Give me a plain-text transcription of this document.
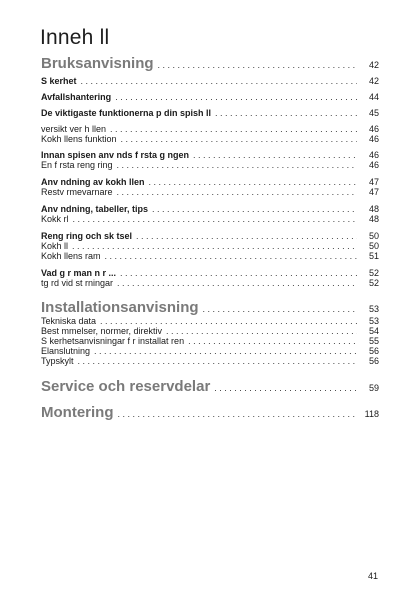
Inneh ll
Bruksanvisning . . .	42
S kerhet . . .	42
Avfallshantering . . .	44
De viktigaste funktionerna p din spish ll . . .	45
versikt ver h llen . . .	46
Kokh llens funktion . . .	46
Innan spisen anv nds f rsta g ngen . . .	46
En f rsta reng ring . . .	46
Anv ndning av kokh llen . . .	47
Restv rmevarnare . . .	47
Anv ndning, tabeller, tips . . .	48
Kokk rl . . .	48
Reng ring och sk tsel . . .	50
Kokh ll . . .	50
Kokh llens ram . . .	51
Vad g r man n r ... . . .	52
tg rd vid st rningar . . .	52
Installationsanvisning . . .	53
Tekniska data . . .	53
Best mmelser, normer, direktiv . . .	54
S kerhetsanvisningar f r installat ren . . .	55
Elanslutning . . .	56
Typskylt . . .	56
Service och reservdelar . . .	59
Montering . . .	118
41
